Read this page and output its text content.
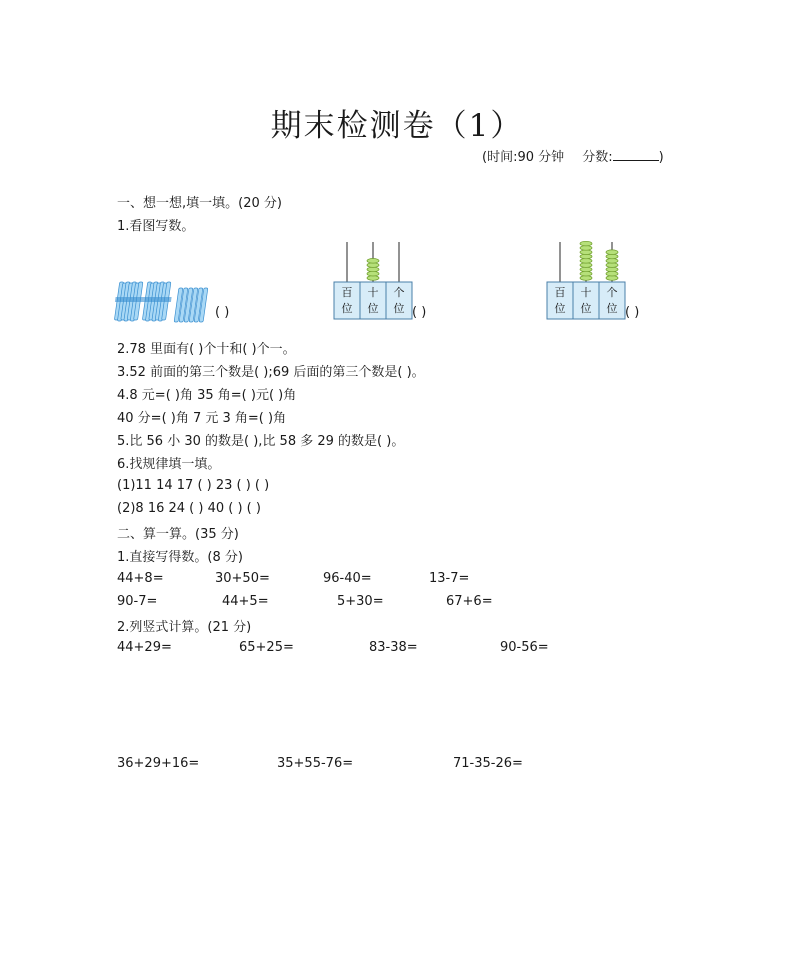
期末检测卷（1）
(时间:90 分钟 分数:	)
一、想一想,填一填。(20 分)
1.看图写数。
( )
百
位
十
位
个
位 ( )
百
位
十
位
个
位 ( )
2.78 里面有( )个十和( )个一。
3.52 前面的第三个数是( );69 后面的第三个数是( )。
4.8 元=( )角 35 角=( )元( )角
40 分=( )角 7 元 3 角=( )角
5.比 56 小 30 的数是( ),比 58 多 29 的数是( )。
6.找规律填一填。
(1)11 14 17 ( ) 23 ( ) ( )
(2)8 16 24 ( ) 40 ( ) ( )
二、算一算。(35 分)
1.直接写得数。(8 分)
44+8=	30+50=	96-40=	13-7=
90-7=	44+5=	5+30=	67+6=
2.列竖式计算。(21 分)
44+29=	65+25=	83-38=	90-56=
36+29+16=	35+55-76=	71-35-26=
